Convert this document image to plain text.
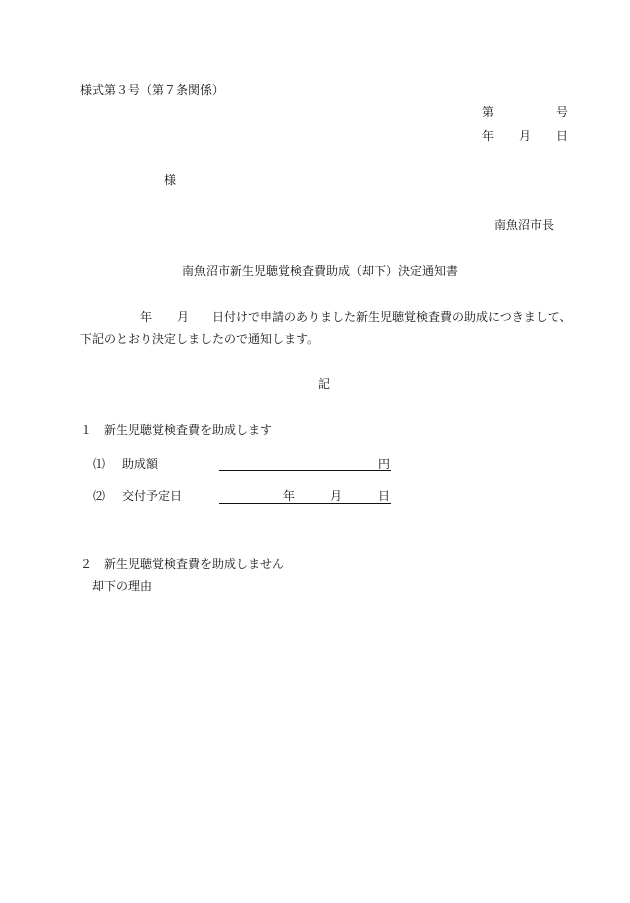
様式第３号（第７条関係）
第	号
年 月 日
様
南魚沼市長
南魚沼市新生児聴覚検査費助成（却下）決定通知書
年 月 日付けで申請のありました新生児聴覚検査費の助成につきまして、
下記のとおり決定しましたので通知します。
記
１　新生児聴覚検査費を助成します
⑴ 助成額	円
⑵ 交付予定日	年	月	日
２　新生児聴覚検査費を助成しません
却下の理由
